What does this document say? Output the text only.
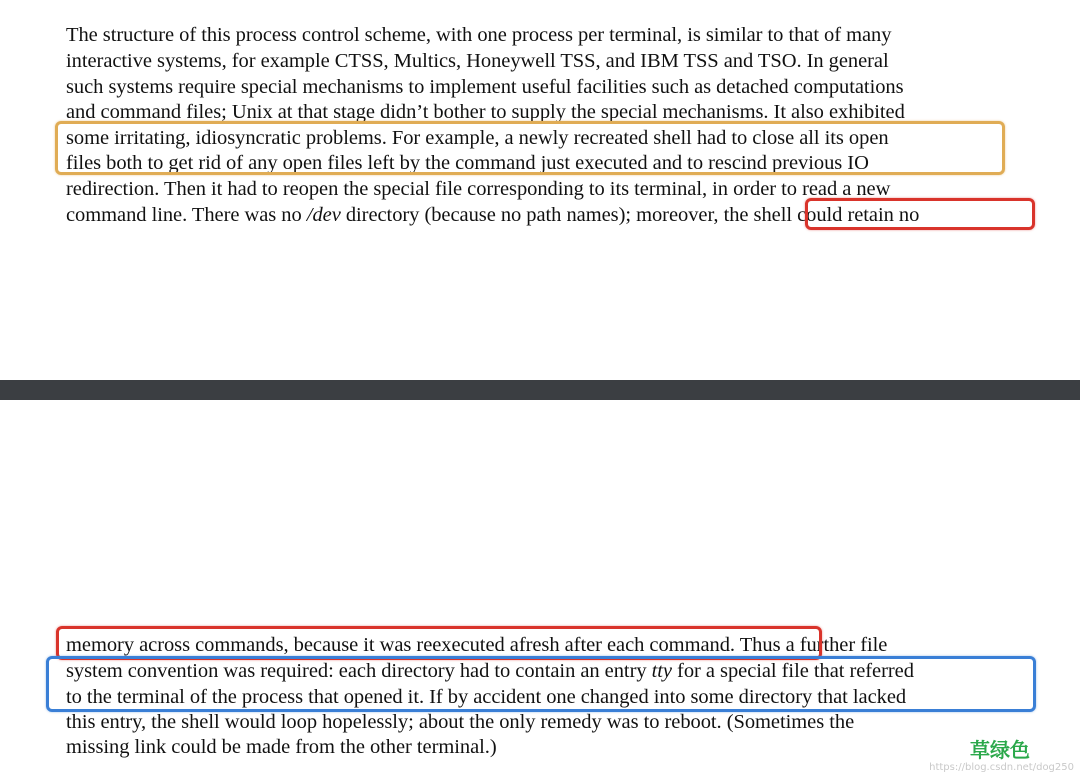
The structure of this process control scheme, with one process per terminal, is similar to that of many
interactive systems, for example CTSS, Multics, Honeywell TSS, and IBM TSS and TSO. In general
such systems require special mechanisms to implement useful facilities such as detached computations
and command files; Unix at that stage didn’t bother to supply the special mechanisms. It also exhibited
some irritating, idiosyncratic problems. For example, a newly recreated shell had to close all its open
files both to get rid of any open files left by the command just executed and to rescind previous IO
redirection. Then it had to reopen the special file corresponding to its terminal, in order to read a new
command line. There was no /dev directory (because no path names); moreover, the shell could retain no
memory across commands, because it was reexecuted afresh after each command. Thus a further file
system convention was required: each directory had to contain an entry tty for a special file that referred
to the terminal of the process that opened it. If by accident one changed into some directory that lacked
this entry, the shell would loop hopelessly; about the only remedy was to reboot. (Sometimes the
missing link could be made from the other terminal.)	草绿色
https://blog.csdn.net/dog250
